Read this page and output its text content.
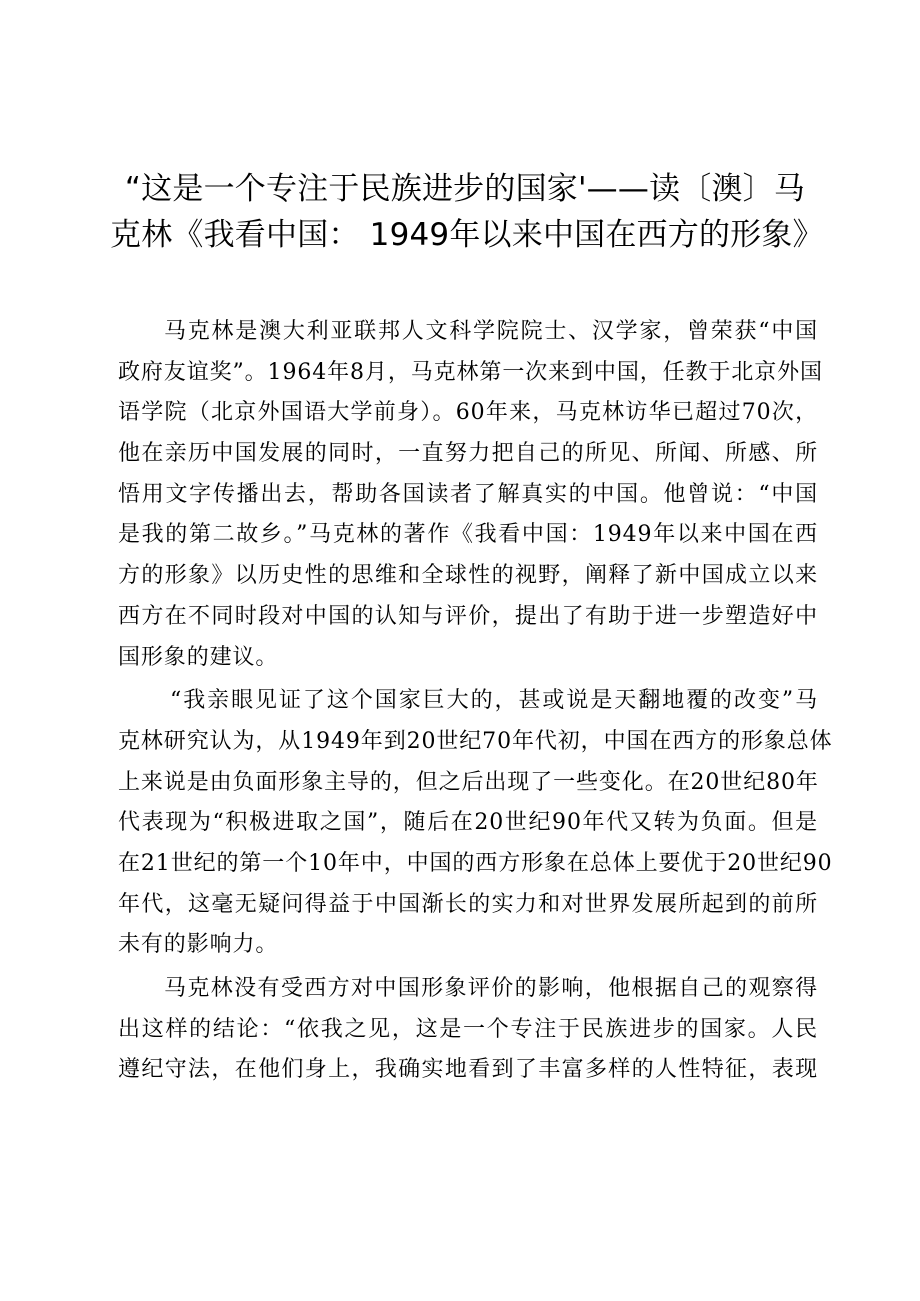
“这是一个专注于民族进步的国家'——读〔澳〕马
克林《我看中国： 1949年以来中国在西方的形象》

马克林是澳大利亚联邦人文科学院院士、汉学家，曾荣获“中国
政府友谊奖”。1964年8月，马克林第一次来到中国，任教于北京外国
语学院（北京外国语大学前身）。60年来，马克林访华已超过70次，
他在亲历中国发展的同时，一直努力把自己的所见、所闻、所感、所
悟用文字传播出去，帮助各国读者了解真实的中国。他曾说：“中国
是我的第二故乡。”马克林的著作《我看中国：1949年以来中国在西
方的形象》以历史性的思维和全球性的视野，阐释了新中国成立以来
西方在不同时段对中国的认知与评价，提出了有助于进一步塑造好中
国形象的建议。

“我亲眼见证了这个国家巨大的，甚或说是天翻地覆的改变”马
克林研究认为，从1949年到20世纪70年代初，中国在西方的形象总体
上来说是由负面形象主导的，但之后出现了一些变化。在20世纪80年
代表现为“积极进取之国”，随后在20世纪90年代又转为负面。但是
在21世纪的第一个10年中，中国的西方形象在总体上要优于20世纪90
年代，这毫无疑问得益于中国渐长的实力和对世界发展所起到的前所
未有的影响力。

马克林没有受西方对中国形象评价的影响，他根据自己的观察得
出这样的结论：“依我之见，这是一个专注于民族进步的国家。人民
遵纪守法，在他们身上，我确实地看到了丰富多样的人性特征，表现
